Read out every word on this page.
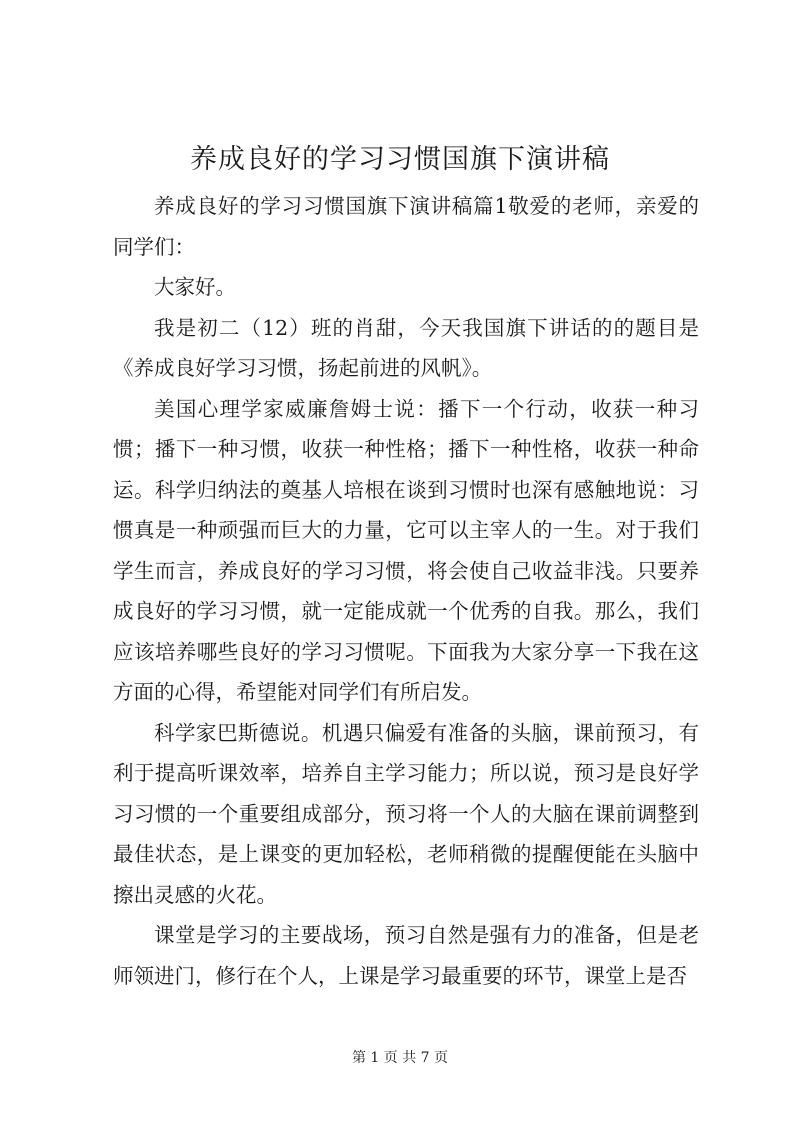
养成良好的学习习惯国旗下演讲稿

养成良好的学习习惯国旗下演讲稿篇1敬爱的老师，亲爱的同学们：

大家好。

我是初二（12）班的肖甜，今天我国旗下讲话的的题目是《养成良好学习习惯，扬起前进的风帆》。

美国心理学家威廉詹姆士说：播下一个行动，收获一种习惯；播下一种习惯，收获一种性格；播下一种性格，收获一种命运。科学归纳法的奠基人培根在谈到习惯时也深有感触地说：习惯真是一种顽强而巨大的力量，它可以主宰人的一生。对于我们学生而言，养成良好的学习习惯，将会使自己收益非浅。只要养成良好的学习习惯，就一定能成就一个优秀的自我。那么，我们应该培养哪些良好的学习习惯呢。下面我为大家分享一下我在这方面的心得，希望能对同学们有所启发。

科学家巴斯德说。机遇只偏爱有准备的头脑，课前预习，有利于提高听课效率，培养自主学习能力；所以说，预习是良好学习习惯的一个重要组成部分，预习将一个人的大脑在课前调整到最佳状态，是上课变的更加轻松，老师稍微的提醒便能在头脑中擦出灵感的火花。

课堂是学习的主要战场，预习自然是强有力的准备，但是老师领进门，修行在个人，上课是学习最重要的环节，课堂上是否

第 1 页 共 7 页
